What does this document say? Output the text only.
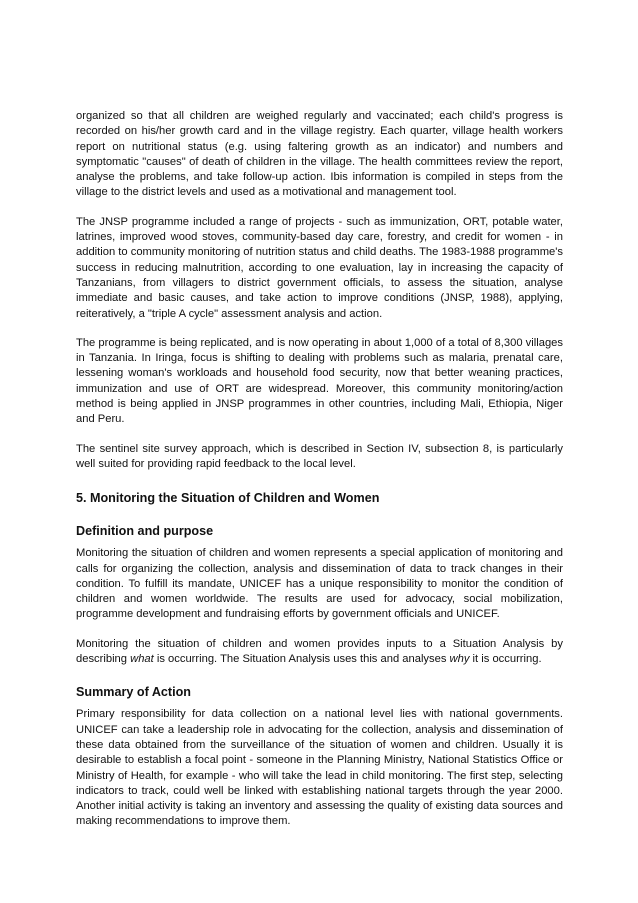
organized so that all children are weighed regularly and vaccinated; each child's progress is recorded on his/her growth card and in the village registry. Each quarter, village health workers report on nutritional status (e.g. using faltering growth as an indicator) and numbers and symptomatic "causes" of death of children in the village. The health committees review the report, analyse the problems, and take follow-up action. Ibis information is compiled in steps from the village to the district levels and used as a motivational and management tool.

The JNSP programme included a range of projects - such as immunization, ORT, potable water, latrines, improved wood stoves, community-based day care, forestry, and credit for women - in addition to community monitoring of nutrition status and child deaths. The 1983-1988 programme's success in reducing malnutrition, according to one evaluation, lay in increasing the capacity of Tanzanians, from villagers to district government officials, to assess the situation, analyse immediate and basic causes, and take action to improve conditions (JNSP, 1988), applying, reiteratively, a "triple A cycle" assessment analysis and action.

The programme is being replicated, and is now operating in about 1,000 of a total of 8,300 villages in Tanzania. In Iringa, focus is shifting to dealing with problems such as malaria, prenatal care, lessening woman's workloads and household food security, now that better weaning practices, immunization and use of ORT are widespread. Moreover, this community monitoring/action method is being applied in JNSP programmes in other countries, including Mali, Ethiopia, Niger and Peru.

The sentinel site survey approach, which is described in Section IV, subsection 8, is particularly well suited for providing rapid feedback to the local level.

5. Monitoring the Situation of Children and Women
Definition and purpose

Monitoring the situation of children and women represents a special application of monitoring and calls for organizing the collection, analysis and dissemination of data to track changes in their condition. To fulfill its mandate, UNICEF has a unique responsibility to monitor the condition of children and women worldwide. The results are used for advocacy, social mobilization, programme development and fundraising efforts by government officials and UNICEF.

Monitoring the situation of children and women provides inputs to a Situation Analysis by describing what is occurring. The Situation Analysis uses this and analyses why it is occurring.

Summary of Action

Primary responsibility for data collection on a national level lies with national governments. UNICEF can take a leadership role in advocating for the collection, analysis and dissemination of these data obtained from the surveillance of the situation of women and children. Usually it is desirable to establish a focal point - someone in the Planning Ministry, National Statistics Office or Ministry of Health, for example - who will take the lead in child monitoring. The first step, selecting indicators to track, could well be linked with establishing national targets through the year 2000. Another initial activity is taking an inventory and assessing the quality of existing data sources and making recommendations to improve them.
